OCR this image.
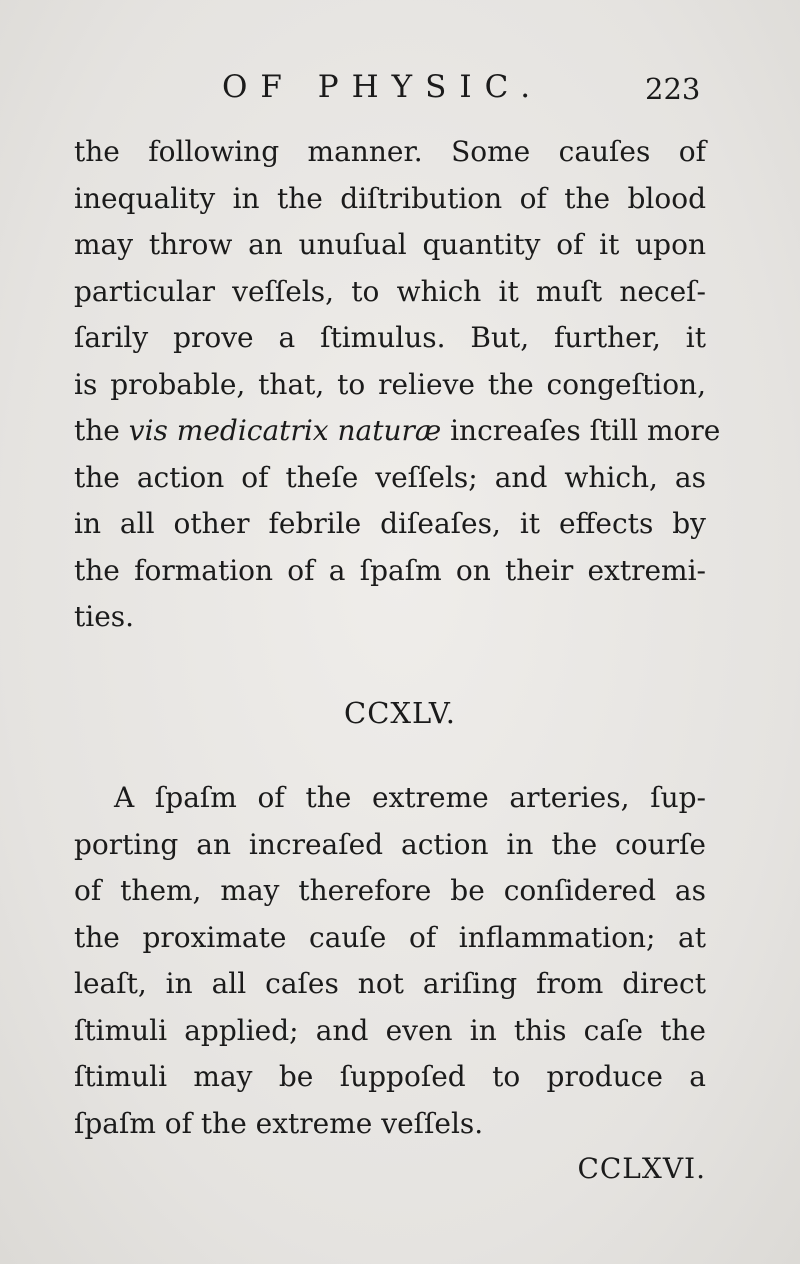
OF PHYSIC.	223
the following manner. Some cauſes of
inequality in the diſtribution of the blood
may throw an unuſual quantity of it upon
particular veſſels, to which it muſt neceſ-
ſarily prove a ſtimulus. But, further, it
is probable, that, to relieve the congeſtion,
the vis medicatrix naturæ increaſes ſtill more
the action of theſe veſſels; and which, as
in all other febrile diſeaſes, it effects by
the formation of a ſpaſm on their extremi-
ties.
CCXLV.
A ſpaſm of the extreme arteries, ſup-
porting an increaſed action in the courſe
of them, may therefore be conſidered as
the proximate cauſe of inflammation; at
leaſt, in all caſes not ariſing from direct
ſtimuli applied; and even in this caſe the
ſtimuli may be ſuppoſed to produce a
ſpaſm of the extreme veſſels.
CCLXVI.
